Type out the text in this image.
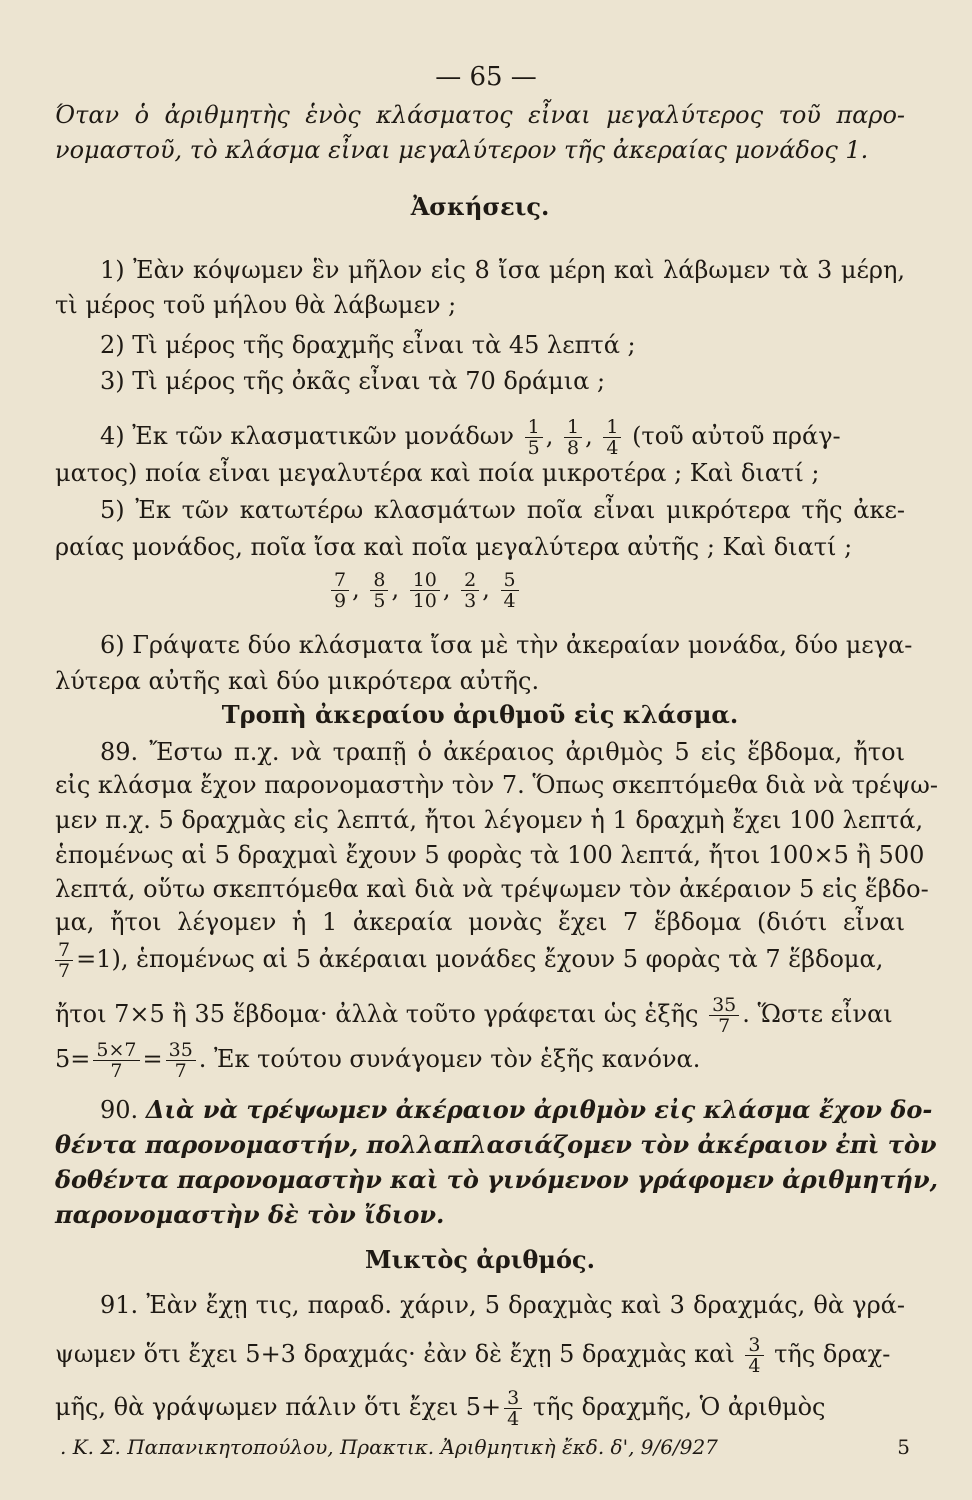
— 65 —
Όταν ὁ ἀριθμητὴς ἑνὸς κλάσματος εἶναι μεγαλύτερος τοῦ παρο-
νομαστοῦ, τὸ κλάσμα εἶναι μεγαλύτερον τῆς ἀκεραίας μονάδος 1.
Ἀσκήσεις.
1) Ἐὰν κόψωμεν ἓν μῆλον εἰς 8 ἴσα μέρη καὶ λάβωμεν τὰ 3 μέρη,
τὶ μέρος τοῦ μήλου θὰ λάβωμεν ;
2) Τὶ μέρος τῆς δραχμῆς εἶναι τὰ 45 λεπτά ;
3) Τὶ μέρος τῆς ὀκᾶς εἶναι τὰ 70 δράμια ;
4) Ἐκ τῶν κλασματικῶν μονάδων $\frac{1}{5}$ , $\frac{1}{8}$ , $\frac{1}{4}$ (τοῦ αὐτοῦ πράγ-
ματος) ποία εἶναι μεγαλυτέρα καὶ ποία μικροτέρα ; Καὶ διατί ;
5) Ἐκ τῶν κατωτέρω κλασμάτων ποῖα εἶναι μικρότερα τῆς ἀκε-
ραίας μονάδος, ποῖα ἴσα καὶ ποῖα μεγαλύτερα αὐτῆς ; Καὶ διατί ;
$\frac{7}{9}$ , $\frac{8}{5}$ , $\frac{10}{10}$ , $\frac{2}{3}$ , $\frac{5}{4}$
6) Γράψατε δύο κλάσματα ἴσα μὲ τὴν ἀκεραίαν μονάδα, δύο μεγα-
λύτερα αὐτῆς καὶ δύο μικρότερα αὐτῆς.
Τροπὴ ἀκεραίου ἀριθμοῦ εἰς κλάσμα.
89. Ἔστω π.χ. νὰ τραπῇ ὁ ἀκέραιος ἀριθμὸς 5 εἰς ἕβδομα, ἤτοι
εἰς κλάσμα ἔχον παρονομαστὴν τὸν 7. Ὅπως σκεπτόμεθα διὰ νὰ τρέψω-
μεν π.χ. 5 δραχμὰς εἰς λεπτά, ἤτοι λέγομεν ἡ 1 δραχμὴ ἔχει 100 λεπτά,
ἑπομένως αἱ 5 δραχμαὶ ἔχουν 5 φορὰς τὰ 100 λεπτά, ἤτοι 100×5 ἢ 500
λεπτά, οὕτω σκεπτόμεθα καὶ διὰ νὰ τρέψωμεν τὸν ἀκέραιον 5 εἰς ἕβδο-
μα, ἤτοι λέγομεν ἡ 1 ἀκεραία μονὰς ἔχει 7 ἕβδομα (διότι εἶναι
$\frac{7}{7} =1$), ἑπομένως αἱ 5 ἀκέραιαι μονάδες ἔχουν 5 φορὰς τὰ 7 ἕβδομα,
ἤτοι 7×5 ἢ 35 ἕβδομα· ἀλλὰ τοῦτο γράφεται ὡς ἑξῆς $\frac{35}{7}$ . Ὥστε εἶναι
$5= \frac{5\times 7}{7} = \frac{35}{7}$ . Ἐκ τούτου συνάγομεν τὸν ἑξῆς κανόνα.
90. Διὰ νὰ τρέψωμεν ἀκέραιον ἀριθμὸν εἰς κλάσμα ἔχον δο-
θέντα παρονομαστήν, πολλαπλασιάζομεν τὸν ἀκέραιον ἐπὶ τὸν
δοθέντα παρονομαστὴν καὶ τὸ γινόμενον γράφομεν ἀριθμητήν,
παρονομαστὴν δὲ τὸν ἴδιον.
Μικτὸς ἀριθμός.
91. Ἐὰν ἔχῃ τις, παραδ. χάριν, 5 δραχμὰς καὶ 3 δραχμάς, θὰ γρά-
ψωμεν ὅτι ἔχει 5+3 δραχμάς· ἐὰν δὲ ἔχῃ 5 δραχμὰς καὶ $\frac{3}{4}$ τῆς δραχ-
μῆς, θὰ γράψωμεν πάλιν ὅτι ἔχει $5+ \frac{3}{4}$ τῆς δραχμῆς, Ὁ ἀριθμὸς
. Κ. Σ. Παπανικητοπούλου, Πρακτικ. Ἀριθμητικὴ ἔκδ. δ', 9/6/927	5
